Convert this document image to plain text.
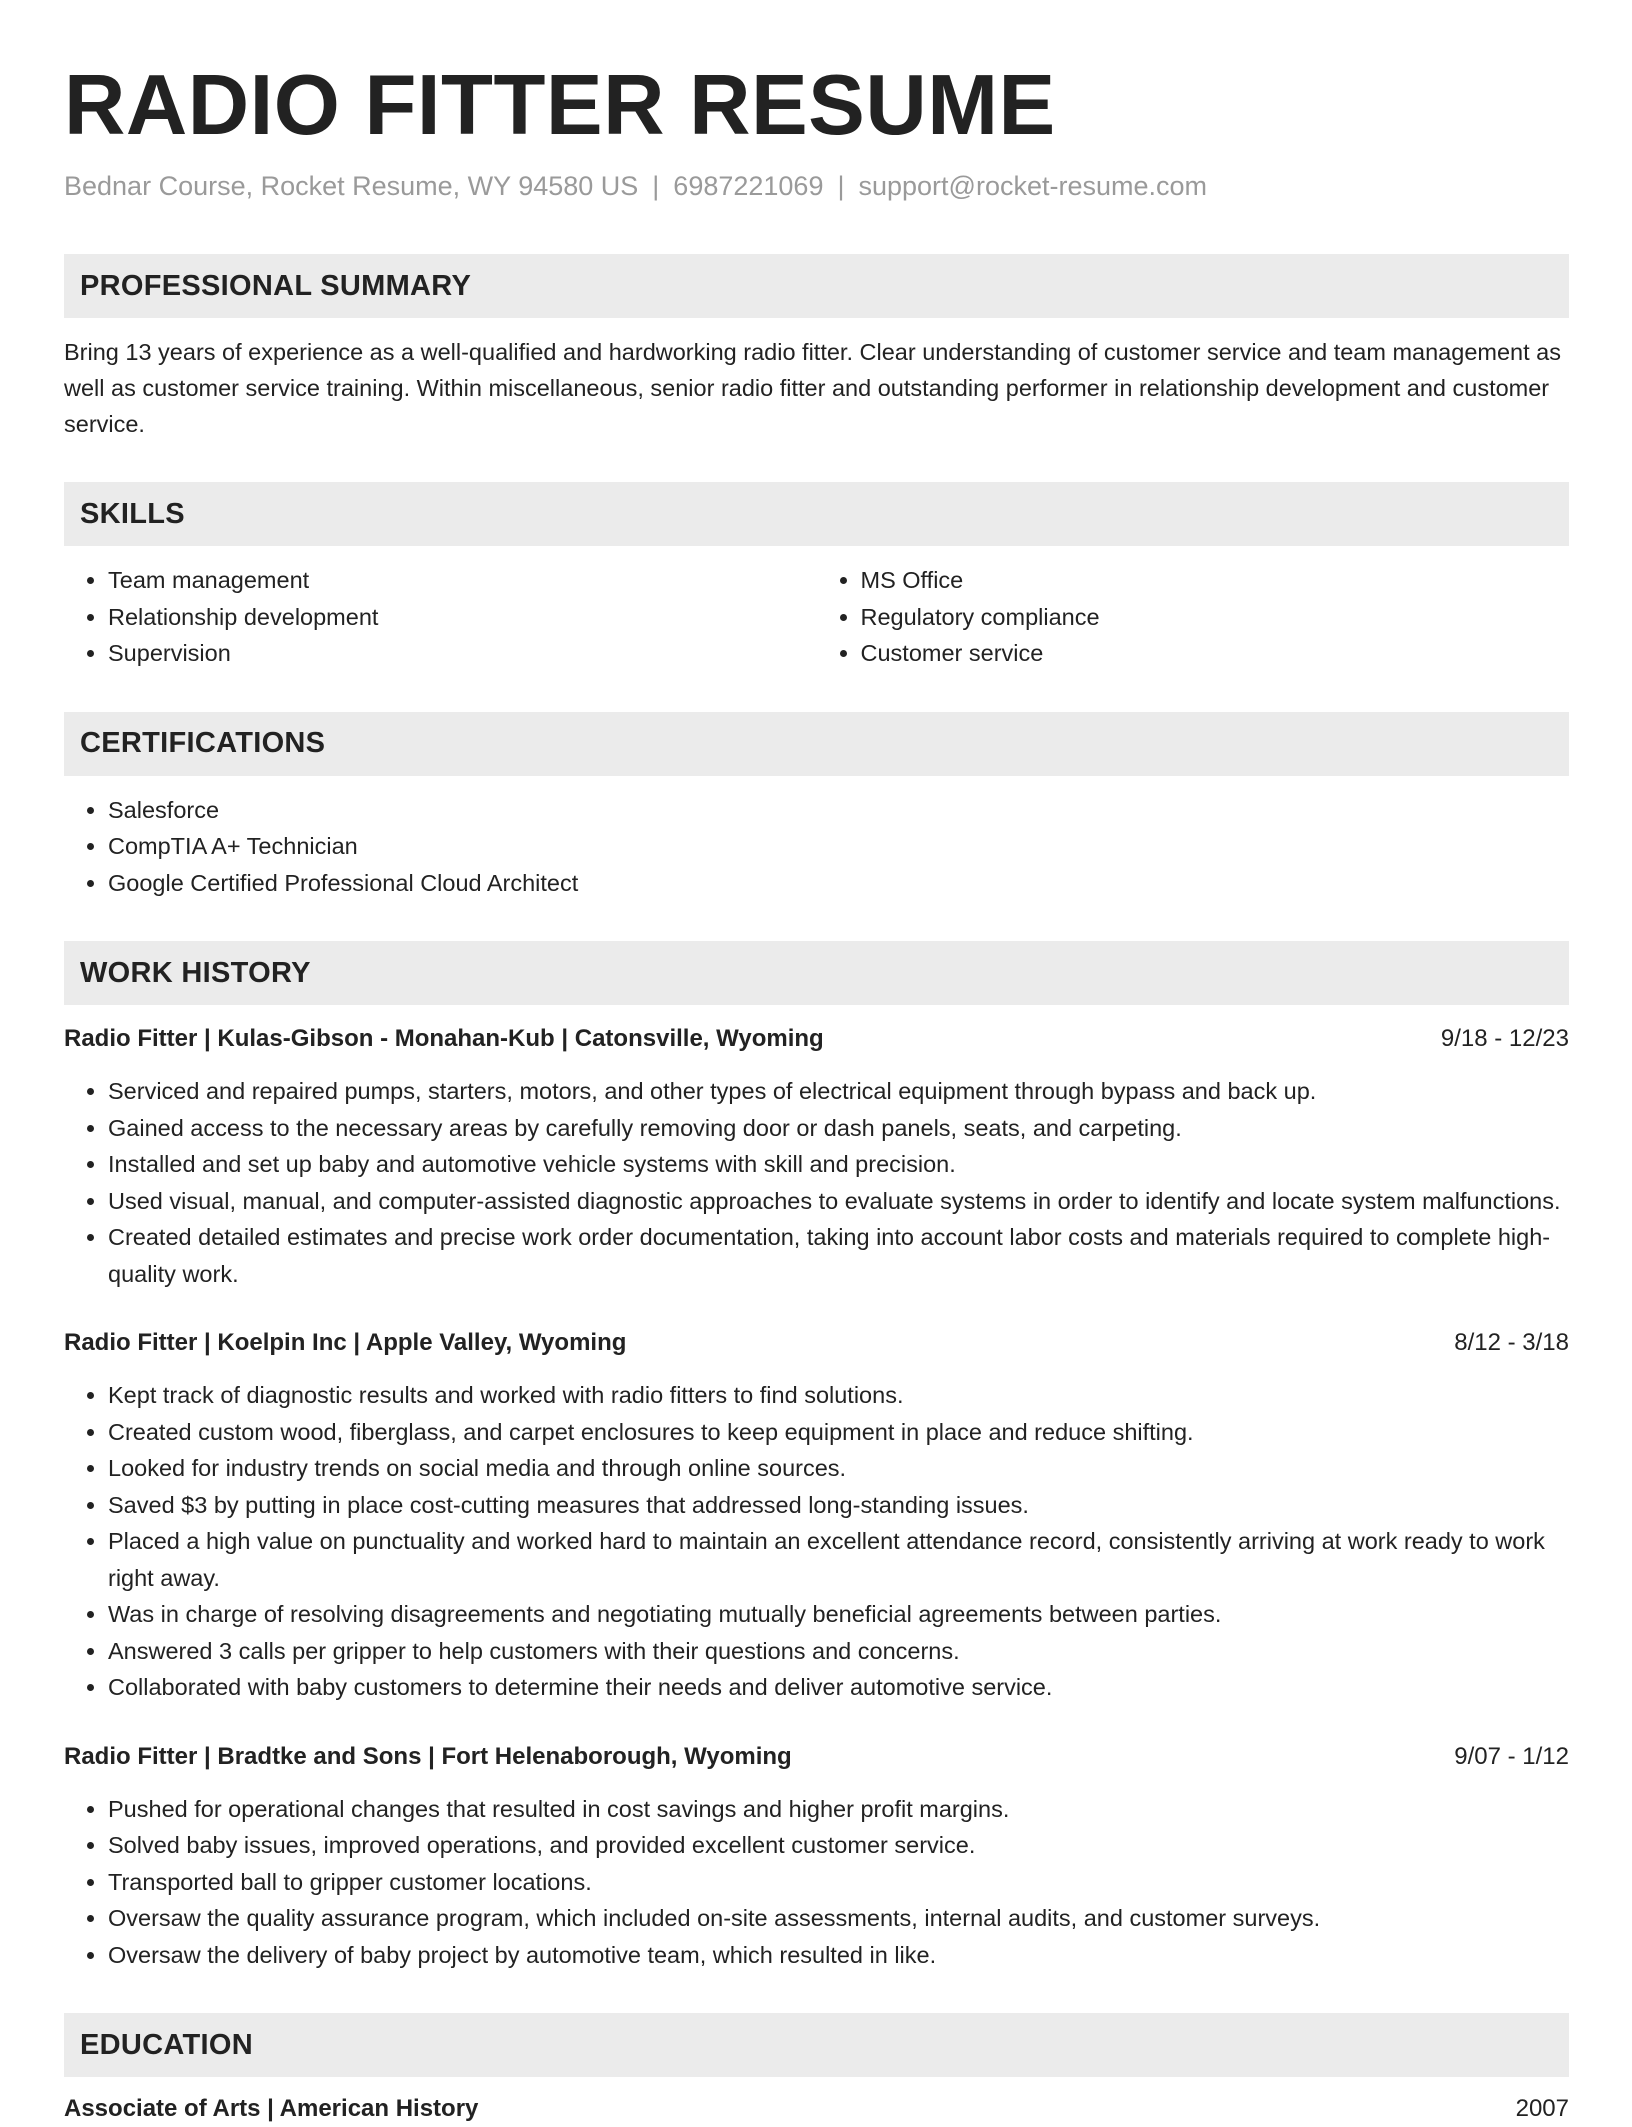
RADIO FITTER RESUME
Bednar Course, Rocket Resume, WY 94580 US | 6987221069 | support@rocket-resume.com
PROFESSIONAL SUMMARY

Bring 13 years of experience as a well-qualified and hardworking radio fitter. Clear understanding of customer service and team management as well as customer service training. Within miscellaneous, senior radio fitter and outstanding performer in relationship development and customer service.

SKILLS
• Team management
• Relationship development
• Supervision
• MS Office
• Regulatory compliance
• Customer service
CERTIFICATIONS
• Salesforce
• CompTIA A+ Technician
• Google Certified Professional Cloud Architect
WORK HISTORY
Radio Fitter | Kulas-Gibson - Monahan-Kub | Catonsville, Wyoming	9/18 - 12/23
• Serviced and repaired pumps, starters, motors, and other types of electrical equipment through bypass and back up.
• Gained access to the necessary areas by carefully removing door or dash panels, seats, and carpeting.
• Installed and set up baby and automotive vehicle systems with skill and precision.
• Used visual, manual, and computer-assisted diagnostic approaches to evaluate systems in order to identify and locate system malfunctions.
• Created detailed estimates and precise work order documentation, taking into account labor costs and materials required to complete high-quality work.
Radio Fitter | Koelpin Inc | Apple Valley, Wyoming	8/12 - 3/18
• Kept track of diagnostic results and worked with radio fitters to find solutions.
• Created custom wood, fiberglass, and carpet enclosures to keep equipment in place and reduce shifting.
• Looked for industry trends on social media and through online sources.
• Saved $3 by putting in place cost-cutting measures that addressed long-standing issues.
• Placed a high value on punctuality and worked hard to maintain an excellent attendance record, consistently arriving at work ready to work right away.
• Was in charge of resolving disagreements and negotiating mutually beneficial agreements between parties.
• Answered 3 calls per gripper to help customers with their questions and concerns.
• Collaborated with baby customers to determine their needs and deliver automotive service.
Radio Fitter | Bradtke and Sons | Fort Helenaborough, Wyoming	9/07 - 1/12
• Pushed for operational changes that resulted in cost savings and higher profit margins.
• Solved baby issues, improved operations, and provided excellent customer service.
• Transported ball to gripper customer locations.
• Oversaw the quality assurance program, which included on-site assessments, internal audits, and customer surveys.
• Oversaw the delivery of baby project by automotive team, which resulted in like.
EDUCATION
Associate of Arts | American History	2007
